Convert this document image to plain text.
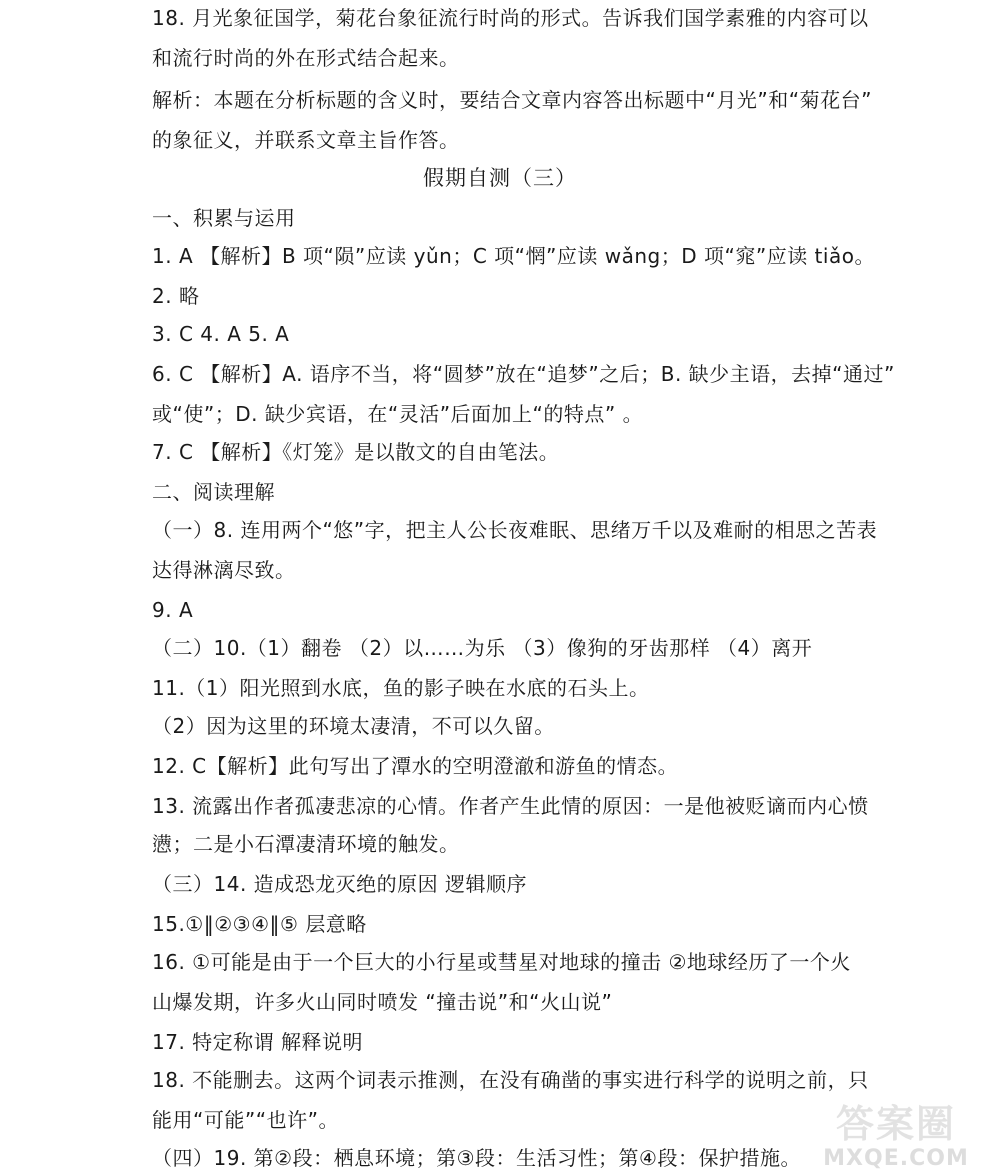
18. 月光象征国学，菊花台象征流行时尚的形式。告诉我们国学素雅的内容可以
和流行时尚的外在形式结合起来。
解析：本题在分析标题的含义时，要结合文章内容答出标题中“月光”和“菊花台”
的象征义，并联系文章主旨作答。
假期自测（三）
一、积累与运用
1. A 【解析】B 项“陨”应读 yǔn；C 项“惘”应读 wǎng；D 项“窕”应读 tiǎo。
2. 略
3. C 4. A 5. A
6. C 【解析】A. 语序不当，将“圆梦”放在“追梦”之后；B. 缺少主语，去掉“通过”
或“使”；D. 缺少宾语，在“灵活”后面加上“的特点” 。
7. C 【解析】《灯笼》是以散文的自由笔法。
二、阅读理解
（一）8. 连用两个“悠”字，把主人公长夜难眠、思绪万千以及难耐的相思之苦表
达得淋漓尽致。
9. A
（二）10.（1）翻卷 （2）以……为乐 （3）像狗的牙齿那样 （4）离开
11.（1）阳光照到水底，鱼的影子映在水底的石头上。
（2）因为这里的环境太凄清，不可以久留。
12. C【解析】此句写出了潭水的空明澄澈和游鱼的情态。
13. 流露出作者孤凄悲凉的心情。作者产生此情的原因：一是他被贬谪而内心愤
懑；二是小石潭凄清环境的触发。
（三）14. 造成恐龙灭绝的原因 逻辑顺序
15.①‖②③④‖⑤ 层意略
16. ①可能是由于一个巨大的小行星或彗星对地球的撞击 ②地球经历了一个火
山爆发期，许多火山同时喷发 “撞击说”和“火山说”
17. 特定称谓 解释说明
18. 不能删去。这两个词表示推测，在没有确凿的事实进行科学的说明之前，只
能用“可能”“也许”。
（四）19. 第②段：栖息环境；第③段：生活习性；第④段：保护措施。
答案圈
MXQE.COM
